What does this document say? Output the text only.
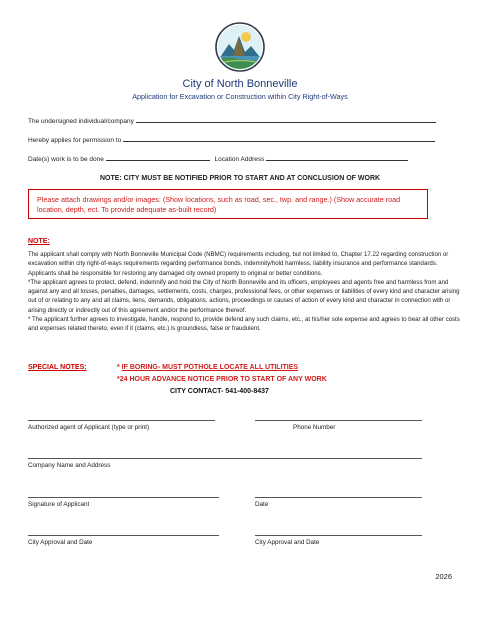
City of North Bonneville
Application for Excavation or Construction within City Right-of-Ways
The undersigned individual/company
Hereby applies for permission to
Date(s) work is to be done	Location Address
NOTE: CITY MUST BE NOTIFIED PRIOR TO START AND AT CONCLUSION OF WORK
Please attach drawings and/or images: (Show locations, such as road, sec., twp. and range.) (Show accurate road location, depth, ect. To provide adequate as-built record)
NOTE:

The applicant shall comply with North Bonneville Municipal Code (NBMC) requirements including, but not limited to, Chapter 17.22 regarding construction or excavation within city right-of-ways requirements regarding performance bonds, indemnity/hold harmless, liability insurance and performance standards. Applicants shall be responsible for restoring any damaged city owned property to original or better conditions.

*The applicant agrees to protect, defend, indemnify and hold the City of North Bonneville and its officers, employees and agents free and harmless from and against any and all losses, penalties, damages, settlements, costs, charges, professional fees, or other expenses or liabilities of every kind and character arising out of or relating to any and all claims, liens, demands, obligations, actions, proceedings or causes of action of every kind and character in connection with or arising directly or indirectly out of this agreement and/or the performance thereof.

* The applicant further agrees to investigate, handle, respond to, provide defend any such claims, etc., at his/her sole expense and agrees to bear all other costs and expenses related thereto, even if it (claims, etc.) is groundless, false or fraudulent.

SPECIAL NOTES:	* IF BORING- MUST POTHOLE LOCATE ALL UTILITIES
*24 HOUR ADVANCE NOTICE PRIOR TO START OF ANY WORK
CITY CONTACT- 541-400-8437
Authorized agent of Applicant (type or print)	Phone Number
Company Name and Address
Signature of Applicant	Date
City Approval and Date	City Approval and Date
2026
